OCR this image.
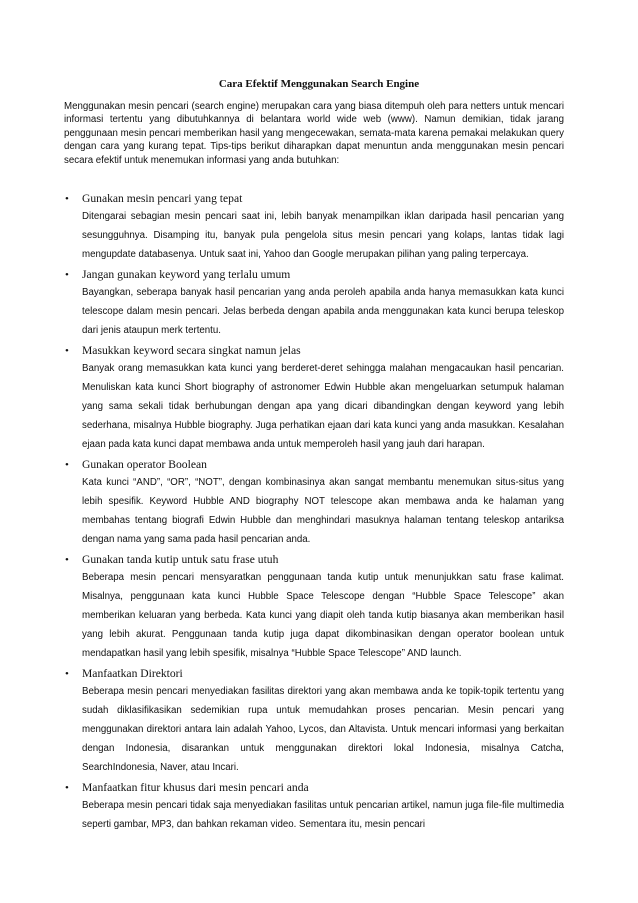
Cara Efektif Menggunakan Search Engine

Menggunakan mesin pencari (search engine) merupakan cara yang biasa ditempuh oleh para netters untuk mencari informasi tertentu yang dibutuhkannya di belantara world wide web (www). Namun demikian, tidak jarang penggunaan mesin pencari memberikan hasil yang mengecewakan, semata-mata karena pemakai melakukan query dengan cara yang kurang tepat. Tips-tips berikut diharapkan dapat menuntun anda menggunakan mesin pencari secara efektif untuk menemukan informasi yang anda butuhkan:

• Gunakan mesin pencari yang tepat

Ditengarai sebagian mesin pencari saat ini, lebih banyak menampilkan iklan daripada hasil pencarian yang sesungguhnya. Disamping itu, banyak pula pengelola situs mesin pencari yang kolaps, lantas tidak lagi mengupdate databasenya. Untuk saat ini, Yahoo dan Google merupakan pilihan yang paling terpercaya.

• Jangan gunakan keyword yang terlalu umum

Bayangkan, seberapa banyak hasil pencarian yang anda peroleh apabila anda hanya memasukkan kata kunci telescope dalam mesin pencari. Jelas berbeda dengan apabila anda menggunakan kata kunci berupa teleskop dari jenis ataupun merk tertentu.

• Masukkan keyword secara singkat namun jelas

Banyak orang memasukkan kata kunci yang berderet-deret sehingga malahan mengacaukan hasil pencarian. Menuliskan kata kunci Short biography of astronomer Edwin Hubble akan mengeluarkan setumpuk halaman yang sama sekali tidak berhubungan dengan apa yang dicari dibandingkan dengan keyword yang lebih sederhana, misalnya Hubble biography. Juga perhatikan ejaan dari kata kunci yang anda masukkan. Kesalahan ejaan pada kata kunci dapat membawa anda untuk memperoleh hasil yang jauh dari harapan.

• Gunakan operator Boolean

Kata kunci “AND”, “OR”, “NOT”, dengan kombinasinya akan sangat membantu menemukan situs-situs yang lebih spesifik. Keyword Hubble AND biography NOT telescope akan membawa anda ke halaman yang membahas tentang biografi Edwin Hubble dan menghindari masuknya halaman tentang teleskop antariksa dengan nama yang sama pada hasil pencarian anda.

• Gunakan tanda kutip untuk satu frase utuh

Beberapa mesin pencari mensyaratkan penggunaan tanda kutip untuk menunjukkan satu frase kalimat. Misalnya, penggunaan kata kunci Hubble Space Telescope dengan “Hubble Space Telescope” akan memberikan keluaran yang berbeda. Kata kunci yang diapit oleh tanda kutip biasanya akan memberikan hasil yang lebih akurat. Penggunaan tanda kutip juga dapat dikombinasikan dengan operator boolean untuk mendapatkan hasil yang lebih spesifik, misalnya “Hubble Space Telescope” AND launch.

• Manfaatkan Direktori

Beberapa mesin pencari menyediakan fasilitas direktori yang akan membawa anda ke topik-topik tertentu yang sudah diklasifikasikan sedemikian rupa untuk memudahkan proses pencarian. Mesin pencari yang menggunakan direktori antara lain adalah Yahoo, Lycos, dan Altavista. Untuk mencari informasi yang berkaitan dengan Indonesia, disarankan untuk menggunakan direktori lokal Indonesia, misalnya Catcha, SearchIndonesia, Naver, atau Incari.

• Manfaatkan fitur khusus dari mesin pencari anda

Beberapa mesin pencari tidak saja menyediakan fasilitas untuk pencarian artikel, namun juga file-file multimedia seperti gambar, MP3, dan bahkan rekaman video. Sementara itu, mesin pencari
